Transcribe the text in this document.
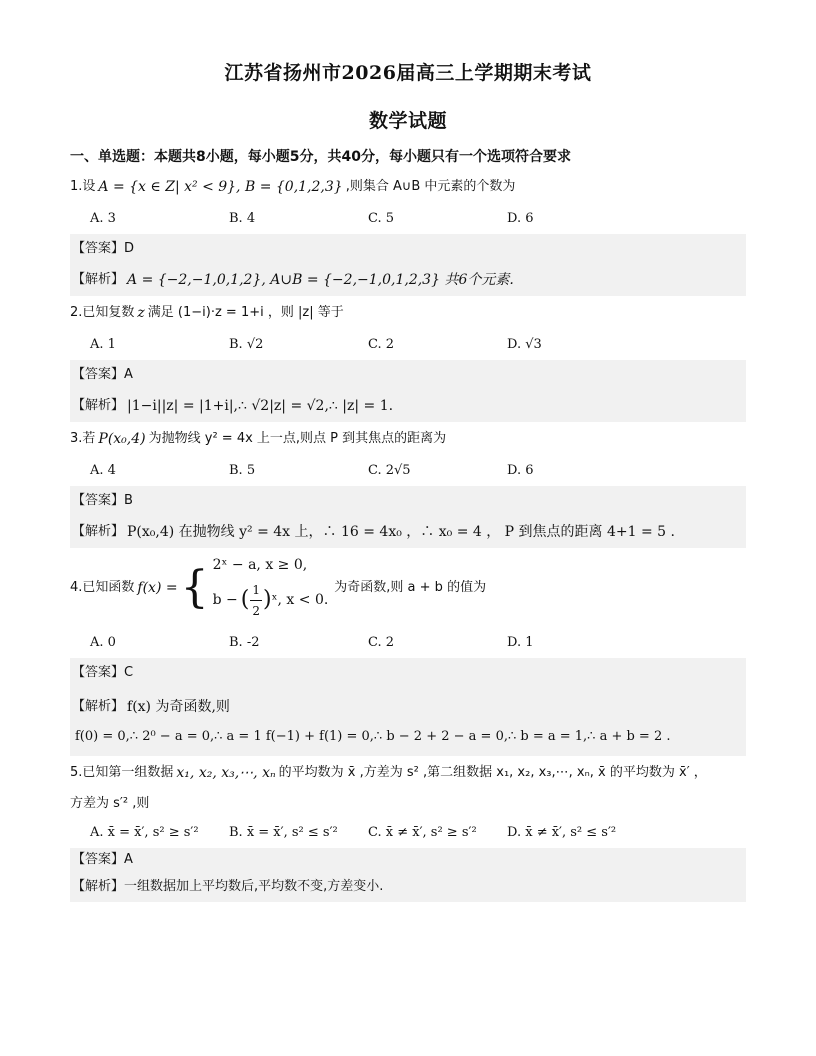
江苏省扬州市2026届高三上学期期末考试
数学试题
一、单选题：本题共8小题，每小题5分，共40分，每小题只有一个选项符合要求
1.设 A = {x ∈ Z| x² < 9}, B = {0,1,2,3} ,则集合 A∪B 中元素的个数为
A. 3	B. 4	C. 5	D. 6
【答案】 D
【解析】 A = {−2,−1,0,1,2}, A∪B = {−2,−1,0,1,2,3} 共6个元素.
2.已知复数 z 满足 (1−i)·z = 1+i ，则 |z| 等于
A. 1	B. √2	C. 2	D. √3
【答案】 A
【解析】 |1−i||z| = |1+i|,∴ √2|z| = √2,∴ |z| = 1.
3.若 P(x₀,4) 为抛物线 y² = 4x 上一点,则点 P 到其焦点的距离为
A. 4	B. 5	C. 2√5	D. 6
【答案】 B
【解析】 P(x₀,4) 在抛物线 y² = 4x 上，∴ 16 = 4x₀ ，∴ x₀ = 4 ， P 到焦点的距离 4+1 = 5 .
4.已知函数 f(x) = { 2ˣ − a, x ≥ 0,
b − ( $\frac{1}{2}$ ) ˣ, x < 0.
为奇函数,则 a + b 的值为
A. 0	B. -2	C. 2	D. 1
【答案】 C
【解析】 f(x) 为奇函数,则
f(0) = 0,∴ 2⁰ − a = 0,∴ a = 1 f(−1) + f(1) = 0,∴ b − 2 + 2 − a = 0,∴ b = a = 1,∴ a + b = 2 .
5.已知第一组数据 x₁, x₂, x₃,⋯, xₙ 的平均数为 x̄ ,方差为 s² ,第二组数据 x₁, x₂, x₃,⋯, xₙ, x̄ 的平均数为 x̄′ ，
方差为 s′² ,则
A. x̄ = x̄′, s² ≥ s′²	B. x̄ = x̄′, s² ≤ s′²	C. x̄ ≠ x̄′, s² ≥ s′²	D. x̄ ≠ x̄′, s² ≤ s′²
【答案】 A
【解析】 一组数据加上平均数后,平均数不变,方差变小.
